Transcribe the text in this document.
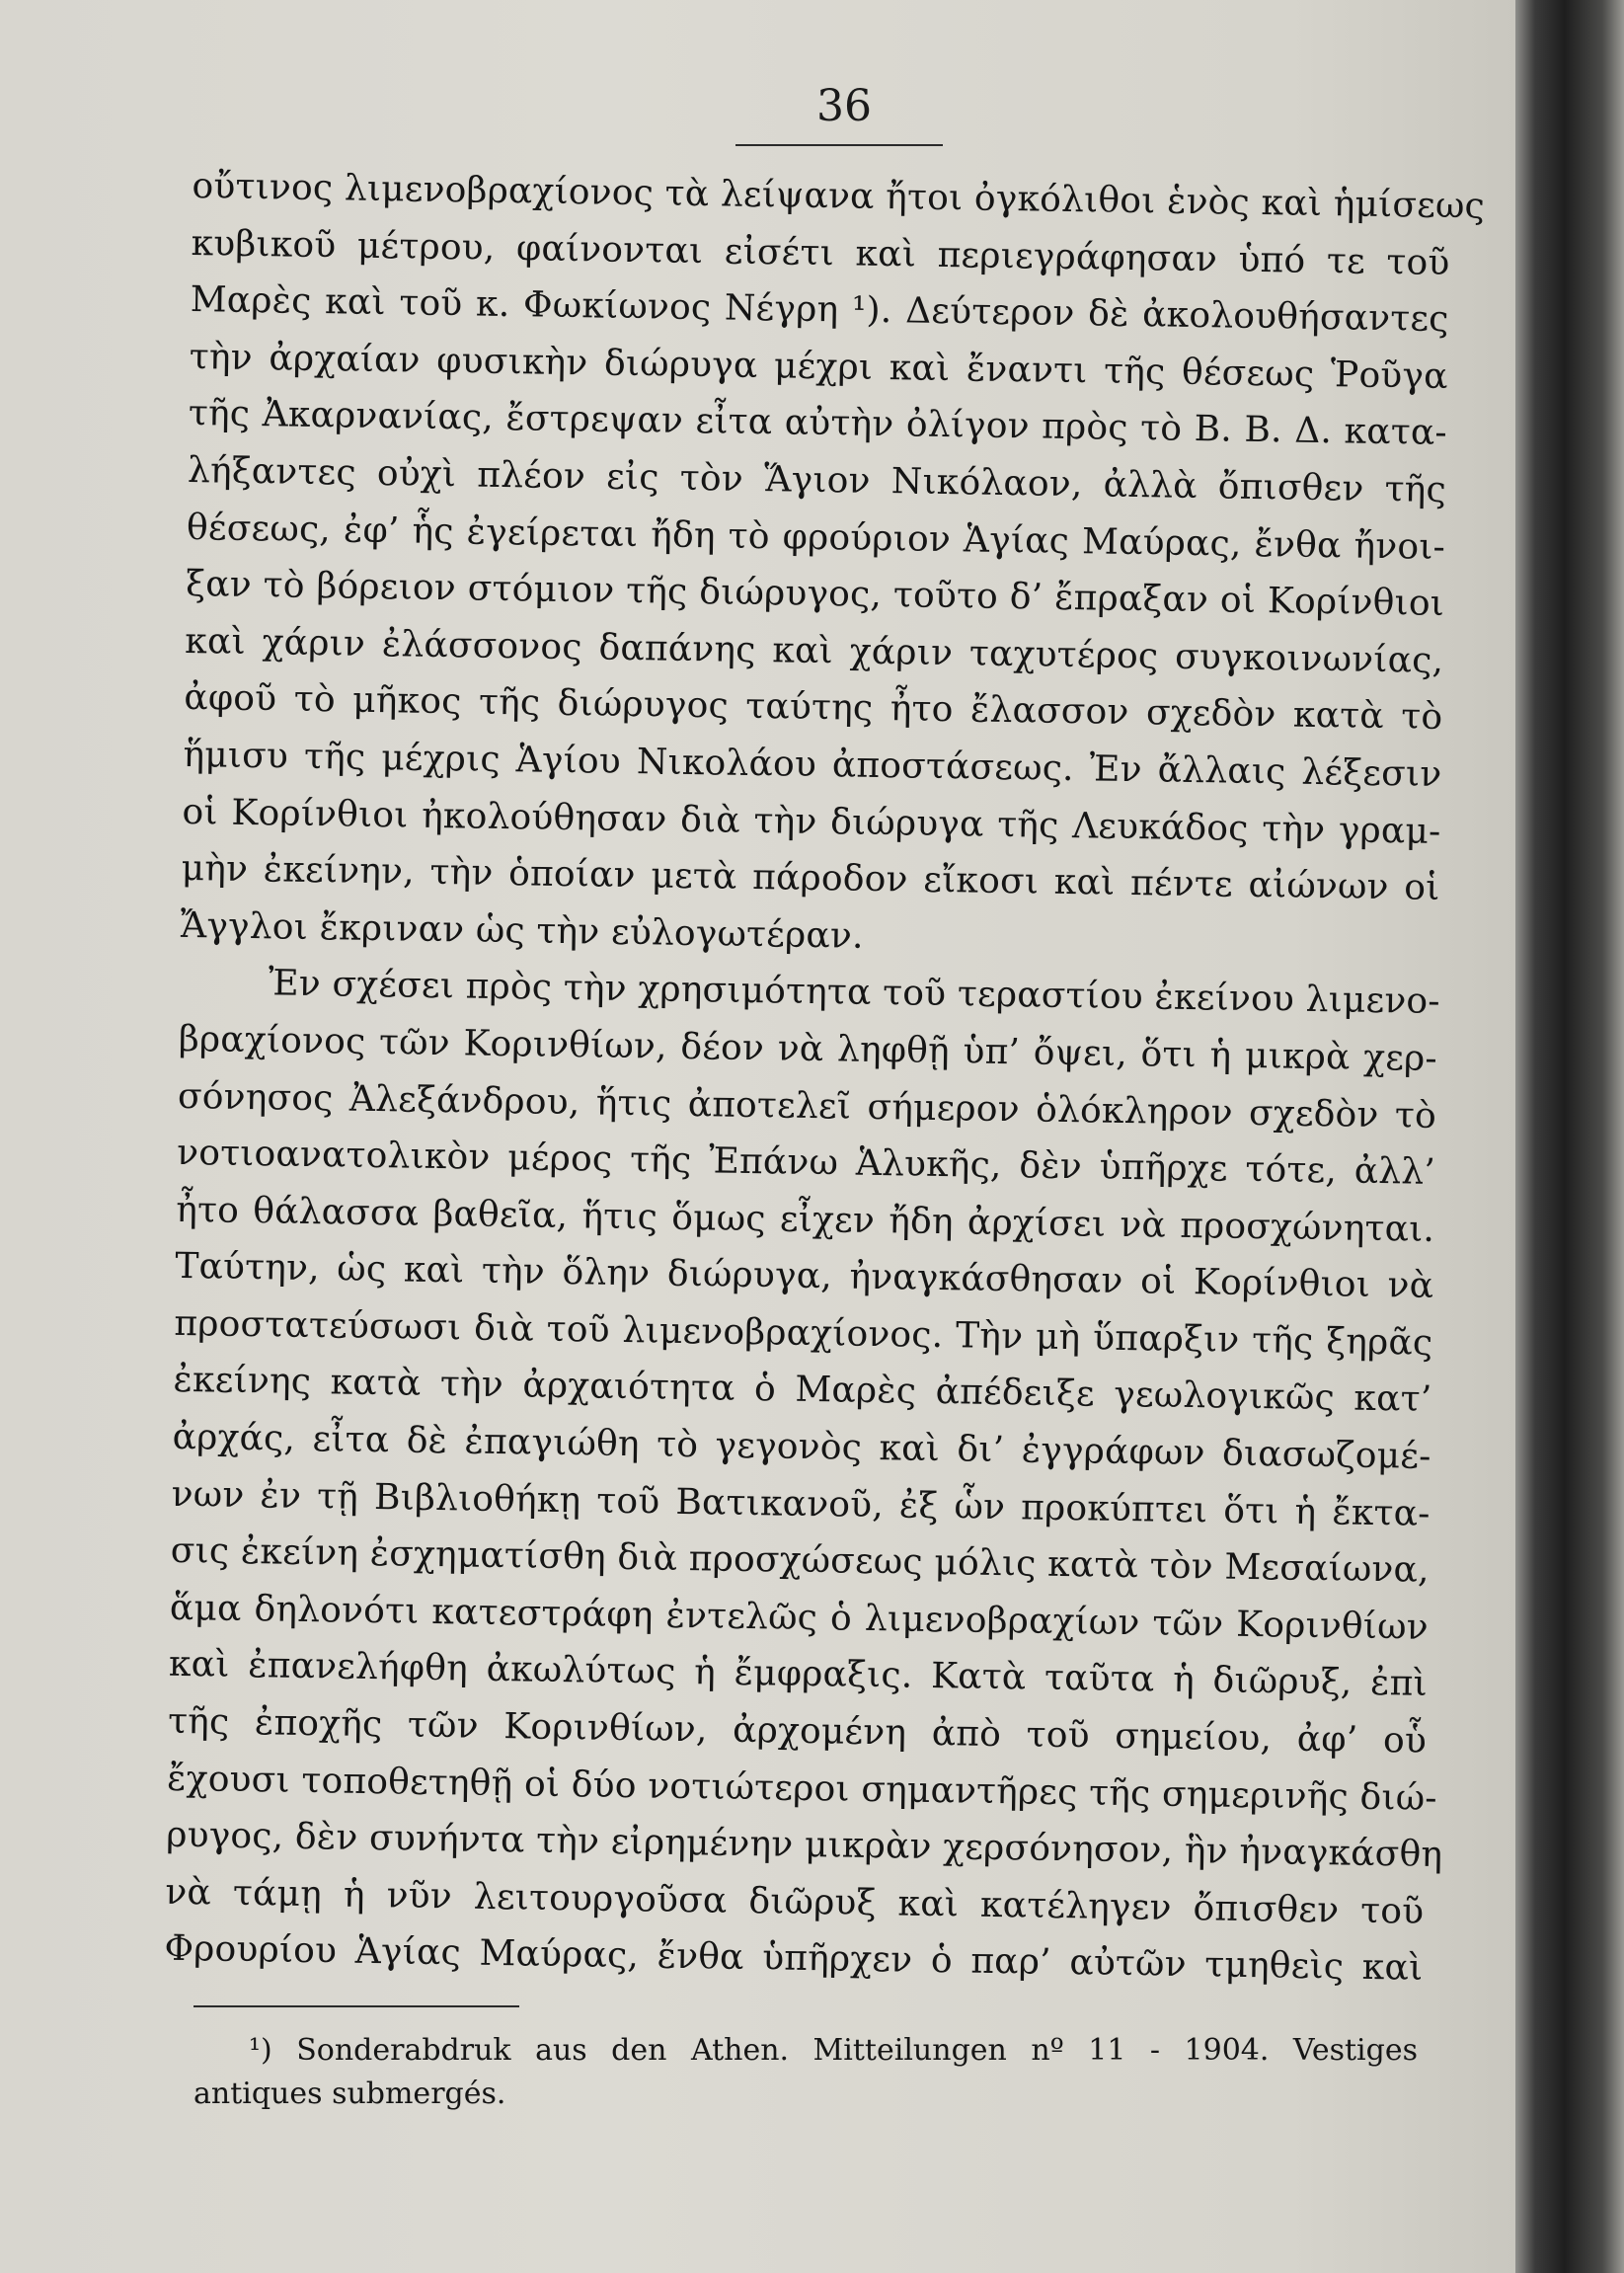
36
οὔτινος λιμενοβραχίονος τὰ λείψανα ἤτοι ὀγκόλιθοι ἑνὸς καὶ ἡμίσεως
κυβικοῦ μέτρου, φαίνονται εἰσέτι καὶ περιεγράφησαν ὑπό τε τοῦ
Μαρὲς καὶ τοῦ κ. Φωκίωνος Νέγρη ¹). Δεύτερον δὲ ἀκολουθήσαντες
τὴν ἀρχαίαν φυσικὴν διώρυγα μέχρι καὶ ἔναντι τῆς θέσεως Ῥοῦγα
τῆς Ἀκαρνανίας, ἔστρεψαν εἶτα αὐτὴν ὀλίγον πρὸς τὸ Β. Β. Δ. κατα-
λήξαντες οὐχὶ πλέον εἰς τὸν Ἅγιον Νικόλαον, ἀλλὰ ὄπισθεν τῆς
θέσεως, ἐφ’ ἧς ἐγείρεται ἤδη τὸ φρούριον Ἁγίας Μαύρας, ἔνθα ἤνοι-
ξαν τὸ βόρειον στόμιον τῆς διώρυγος, τοῦτο δ’ ἔπραξαν οἱ Κορίνθιοι
καὶ χάριν ἐλάσσονος δαπάνης καὶ χάριν ταχυτέρος συγκοινωνίας,
ἀφοῦ τὸ μῆκος τῆς διώρυγος ταύτης ἦτο ἔλασσον σχεδὸν κατὰ τὸ
ἥμισυ τῆς μέχρις Ἁγίου Νικολάου ἀποστάσεως. Ἐν ἄλλαις λέξεσιν
οἱ Κορίνθιοι ἠκολούθησαν διὰ τὴν διώρυγα τῆς Λευκάδος τὴν γραμ-
μὴν ἐκείνην, τὴν ὁποίαν μετὰ πάροδον εἴκοσι καὶ πέντε αἰώνων οἱ
Ἄγγλοι ἔκριναν ὡς τὴν εὐλογωτέραν.
Ἐν σχέσει πρὸς τὴν χρησιμότητα τοῦ τεραστίου ἐκείνου λιμενο-
βραχίονος τῶν Κορινθίων, δέον νὰ ληφθῇ ὑπ’ ὄψει, ὅτι ἡ μικρὰ χερ-
σόνησος Ἀλεξάνδρου, ἥτις ἀποτελεῖ σήμερον ὁλόκληρον σχεδὸν τὸ
νοτιοανατολικὸν μέρος τῆς Ἐπάνω Ἁλυκῆς, δὲν ὑπῆρχε τότε, ἀλλ’
ἦτο θάλασσα βαθεῖα, ἥτις ὅμως εἶχεν ἤδη ἀρχίσει νὰ προσχώνηται.
Ταύτην, ὡς καὶ τὴν ὅλην διώρυγα, ἠναγκάσθησαν οἱ Κορίνθιοι νὰ
προστατεύσωσι διὰ τοῦ λιμενοβραχίονος. Τὴν μὴ ὕπαρξιν τῆς ξηρᾶς
ἐκείνης κατὰ τὴν ἀρχαιότητα ὁ Μαρὲς ἀπέδειξε γεωλογικῶς κατ’
ἀρχάς, εἶτα δὲ ἐπαγιώθη τὸ γεγονὸς καὶ δι’ ἐγγράφων διασωζομέ-
νων ἐν τῇ Βιβλιοθήκῃ τοῦ Βατικανοῦ, ἐξ ὧν προκύπτει ὅτι ἡ ἔκτα-
σις ἐκείνη ἐσχηματίσθη διὰ προσχώσεως μόλις κατὰ τὸν Μεσαίωνα,
ἅμα δηλονότι κατεστράφη ἐντελῶς ὁ λιμενοβραχίων τῶν Κορινθίων
καὶ ἐπανελήφθη ἀκωλύτως ἡ ἔμφραξις. Κατὰ ταῦτα ἡ διῶρυξ, ἐπὶ
τῆς ἐποχῆς τῶν Κορινθίων, ἀρχομένη ἀπὸ τοῦ σημείου, ἀφ’ οὗ
ἔχουσι τοποθετηθῇ οἱ δύο νοτιώτεροι σημαντῆρες τῆς σημερινῆς διώ-
ρυγος, δὲν συνήντα τὴν εἰρημένην μικρὰν χερσόνησον, ἣν ἠναγκάσθη
νὰ τάμῃ ἡ νῦν λειτουργοῦσα διῶρυξ καὶ κατέληγεν ὄπισθεν τοῦ
Φρουρίου Ἁγίας Μαύρας, ἔνθα ὑπῆρχεν ὁ παρ’ αὐτῶν τμηθεὶς καὶ
¹) Sonderabdruk aus den Athen. Mitteilungen nº 11 - 1904. Vestiges
antiques submergés.
